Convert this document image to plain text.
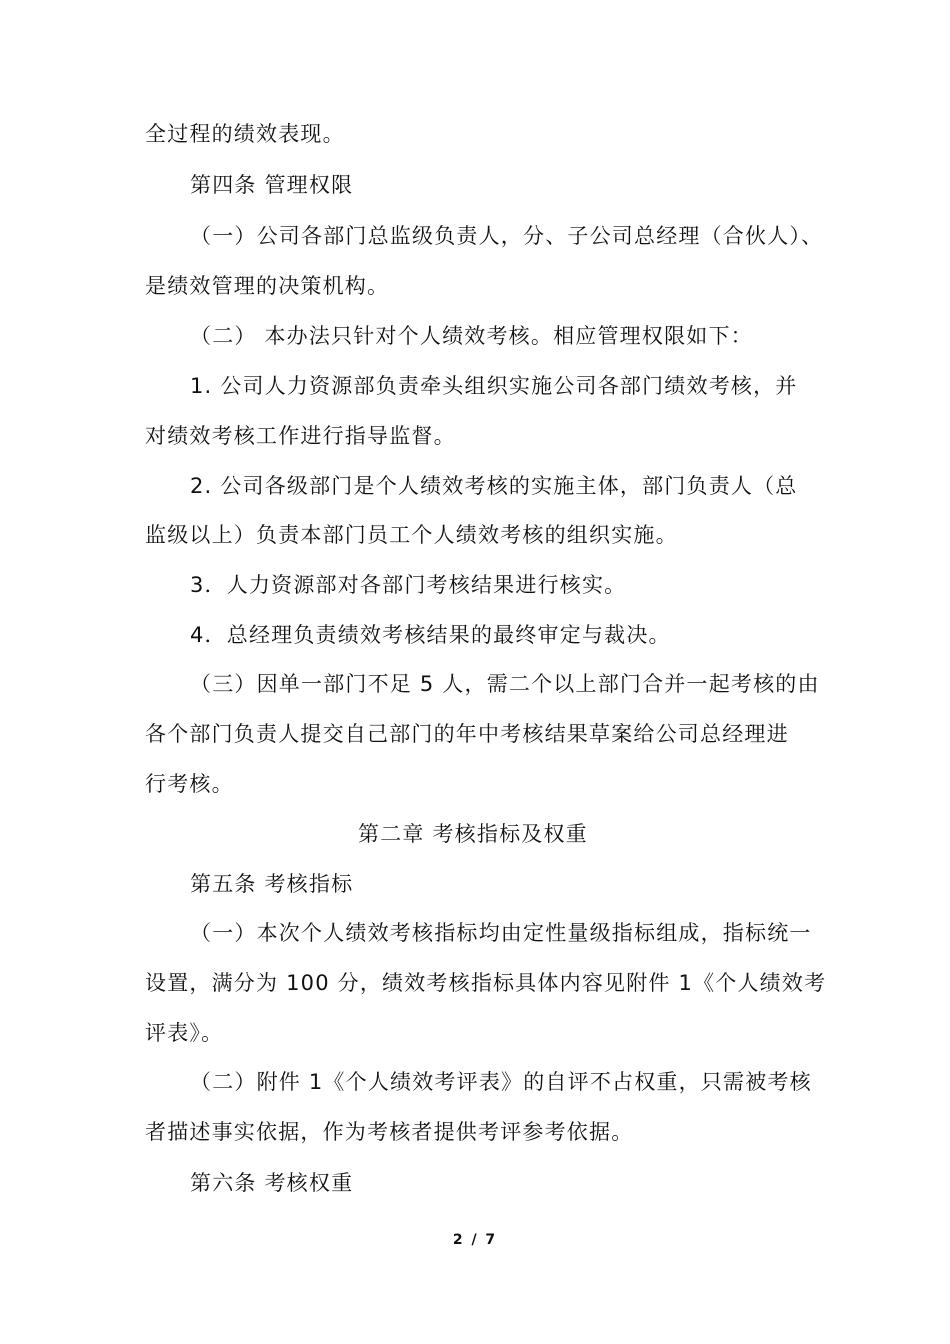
全过程的绩效表现。
第四条 管理权限
（一）公司各部门总监级负责人，分、子公司总经理（合伙人）、
是绩效管理的决策机构。
（二） 本办法只针对个人绩效考核。相应管理权限如下：
1. 公司人力资源部负责牵头组织实施公司各部门绩效考核，并
对绩效考核工作进行指导监督。
2. 公司各级部门是个人绩效考核的实施主体，部门负责人（总
监级以上）负责本部门员工个人绩效考核的组织实施。
3．人力资源部对各部门考核结果进行核实。
4．总经理负责绩效考核结果的最终审定与裁决。
（三）因单一部门不足 5 人，需二个以上部门合并一起考核的由
各个部门负责人提交自己部门的年中考核结果草案给公司总经理进
行考核。
第二章 考核指标及权重
第五条 考核指标
（一）本次个人绩效考核指标均由定性量级指标组成，指标统一
设置，满分为 100 分，绩效考核指标具体内容见附件 1《个人绩效考
评表》。
（二）附件 1《个人绩效考评表》的自评不占权重，只需被考核
者描述事实依据，作为考核者提供考评参考依据。
第六条 考核权重
2 / 7
